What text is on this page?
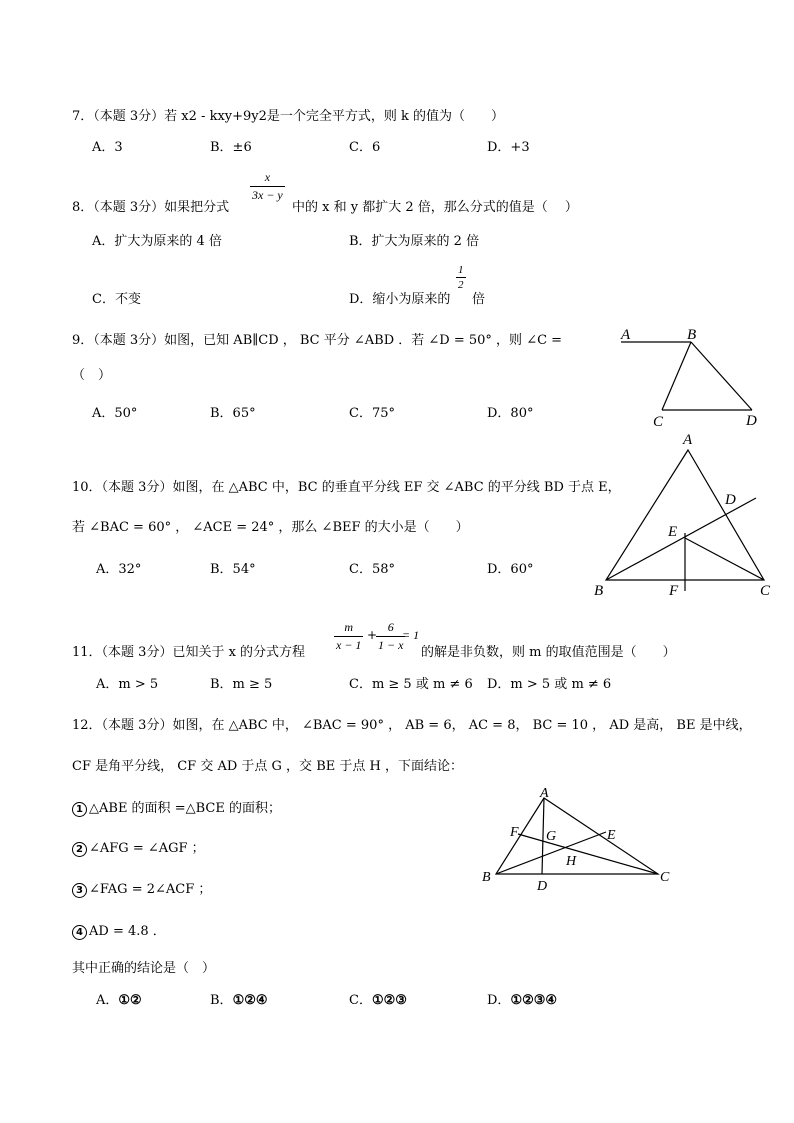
7．（本题 3分）若 x2 - kxy+9y2是一个完全平方式，则 k 的值为（　　）
A．3	B．±6	C．6	D．+3
8．（本题 3分）如果把分式
x
3x − y
中的 x 和 y 都扩大 2 倍，那么分式的值是（　 ）
A．扩大为原来的 4 倍	B．扩大为原来的 2 倍
C．不变	D．缩小为原来的
1
2
倍
9．（本题 3分）如图，已知 AB∥CD ， BC 平分 ∠ABD ．若 ∠D = 50° ，则 ∠C =
（　）
A．50°	B．65°	C．75°	D．80°
A	B
C	D
10．（本题 3分）如图，在 △ABC 中，BC 的垂直平分线 EF 交 ∠ABC 的平分线 BD 于点 E，
若 ∠BAC = 60° ， ∠ACE = 24° ，那么 ∠BEF 的大小是（　　）
A．32°	B．54°	C．58°	D．60°
A
D
E
B	F	C
11．（本题 3分）已知关于 x 的分式方程
m
x − 1
+
6
1 − x
= 1
的解是非负数，则 m 的取值范围是（　　）
A．m > 5	B．m ≥ 5	C．m ≥ 5 或 m ≠ 6 D．m > 5 或 m ≠ 6
12．（本题 3分）如图，在 △ABC 中， ∠BAC = 90° ， AB = 6， AC = 8， BC = 10 ， AD 是高， BE 是中线，
CF 是角平分线， CF 交 AD 于点 G ，交 BE 于点 H ，下面结论：
1 △ABE 的面积 =△BCE 的面积；
2 ∠AFG = ∠AGF ；
3 ∠FAG = 2∠ACF ；
4 AD = 4.8 ．
其中正确的结论是（　）
A．①②	B．①②④	C．①②③	D．①②③④
A
F G	E
H
B
D
C
